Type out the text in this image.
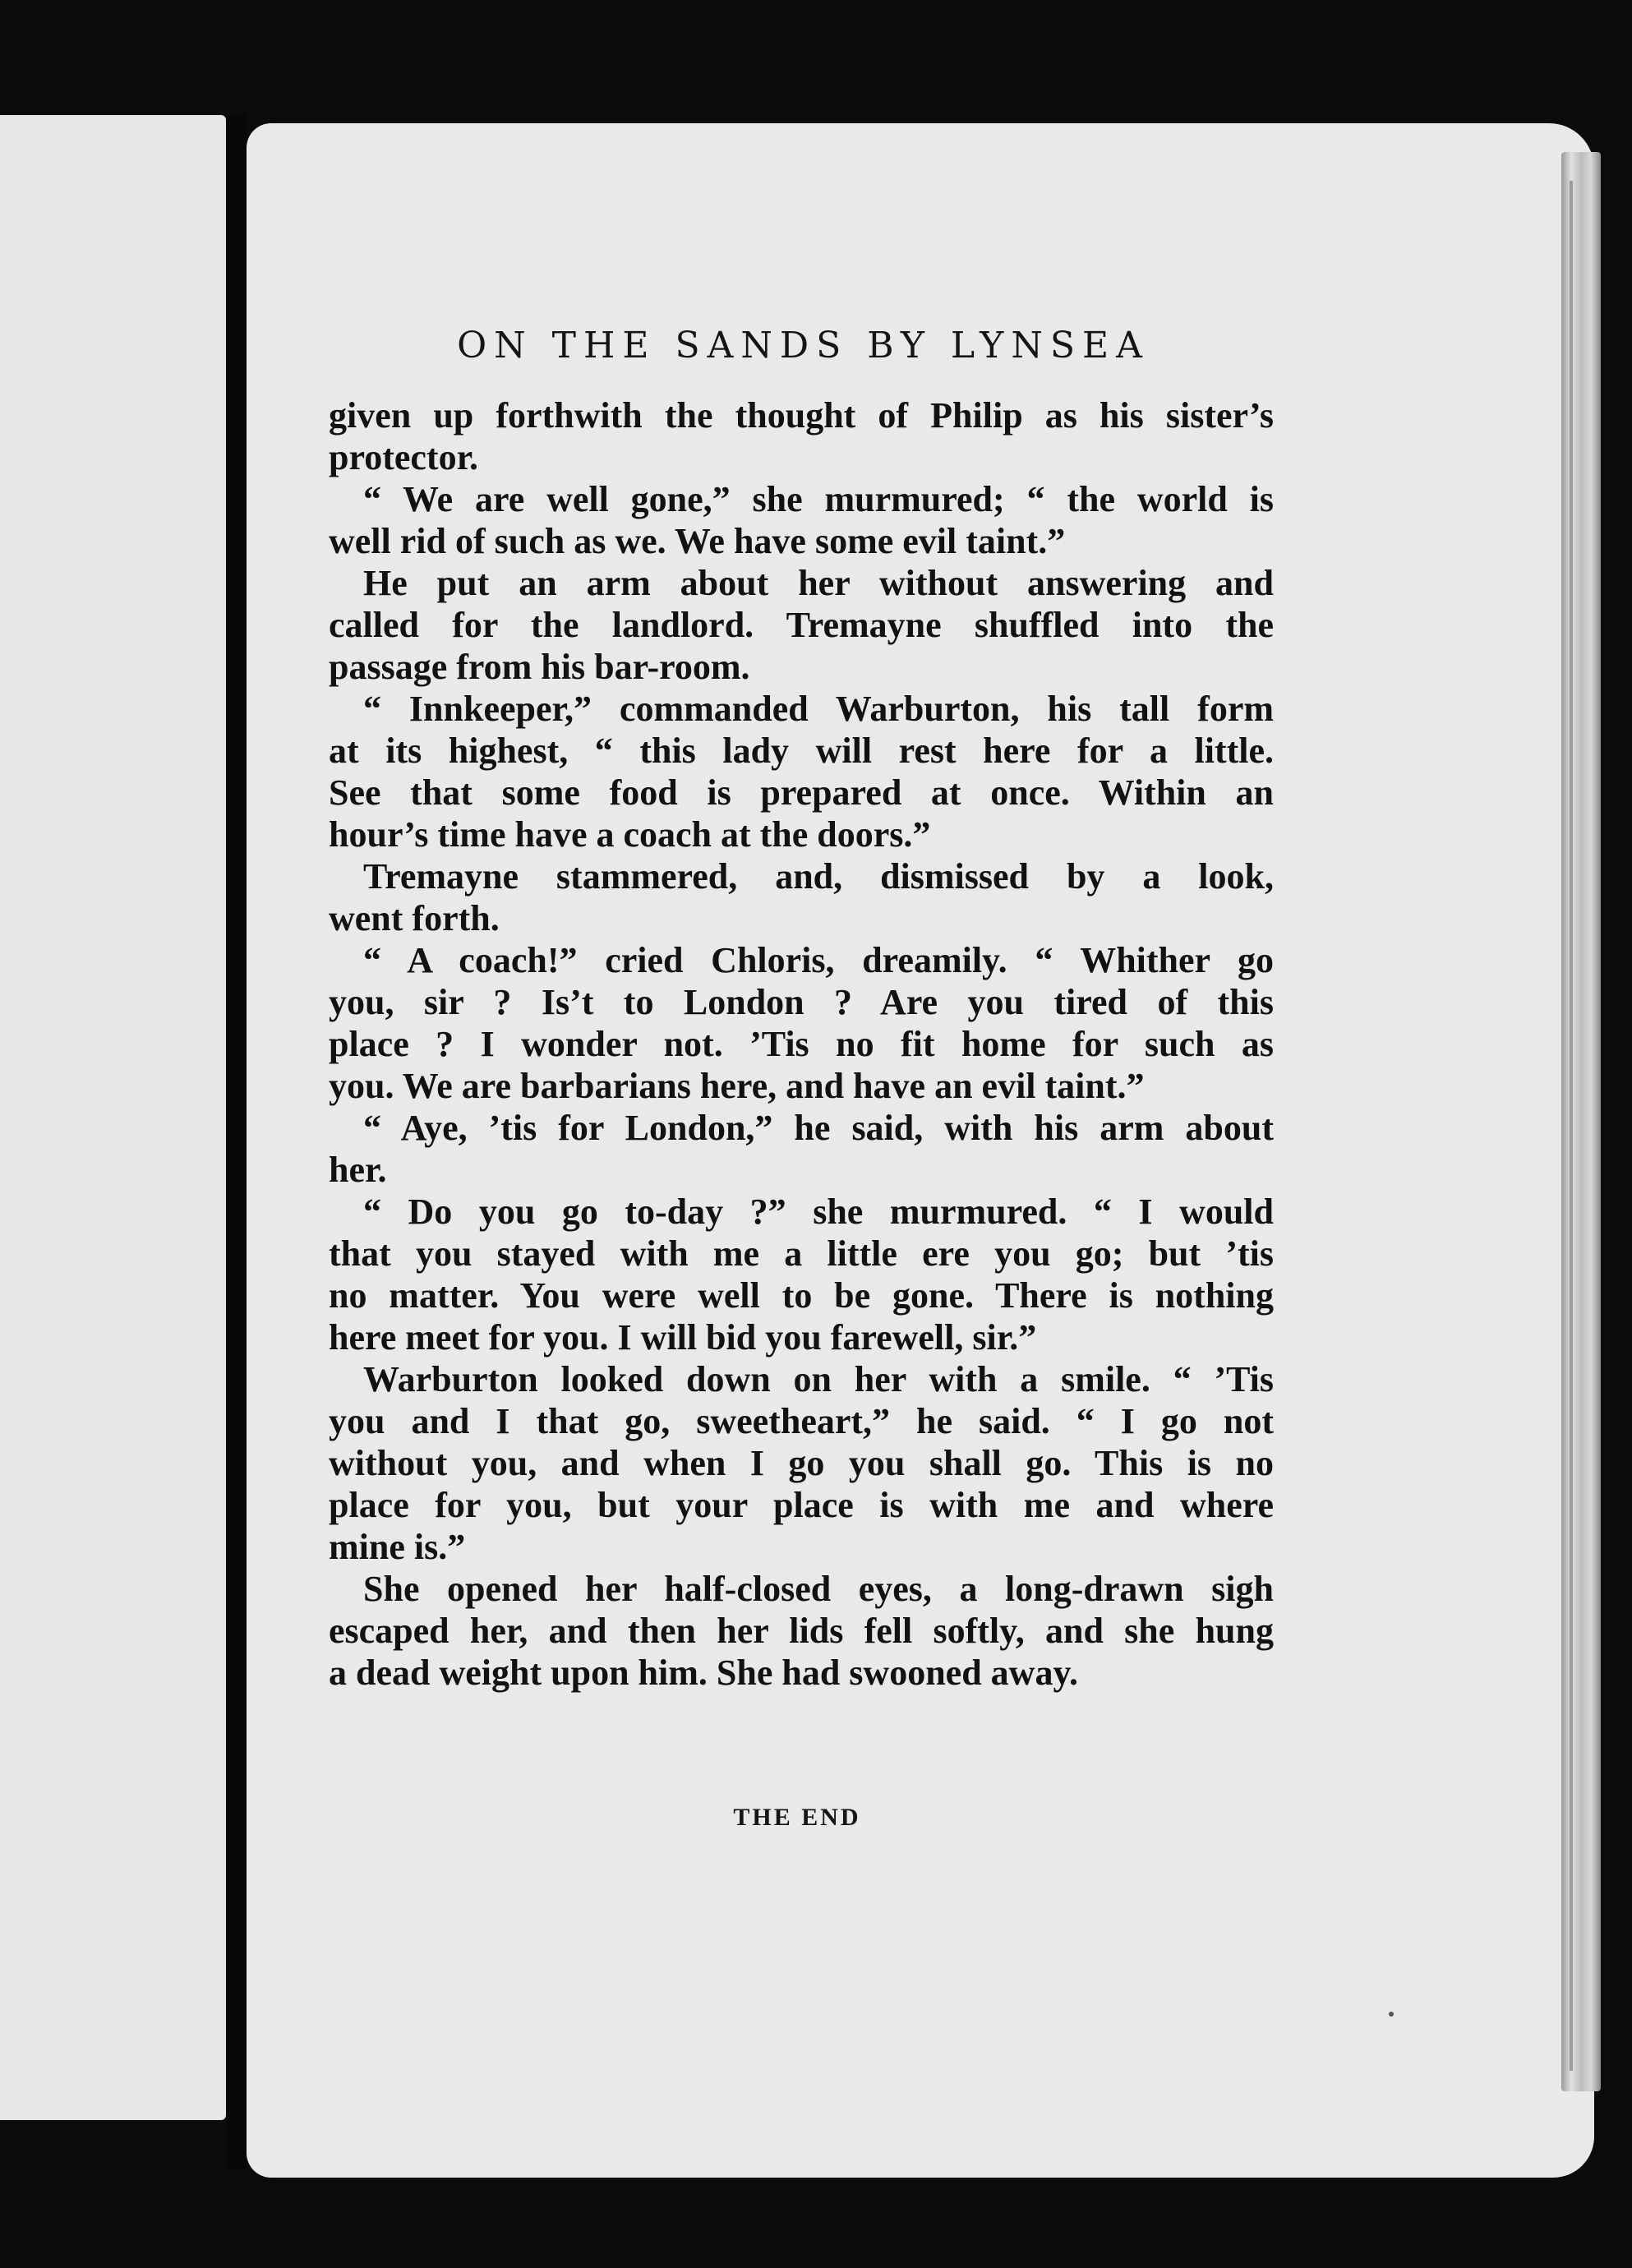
ON THE SANDS BY LYNSEA
given up forthwith the thought of Philip as his sister’s
protector.
“ We are well gone,” she murmured; “ the world is
well rid of such as we. We have some evil taint.”
He put an arm about her without answering and
called for the landlord. Tremayne shuffled into the
passage from his bar-room.
“ Innkeeper,” commanded Warburton, his tall form
at its highest, “ this lady will rest here for a little.
See that some food is prepared at once. Within an
hour’s time have a coach at the doors.”
Tremayne stammered, and, dismissed by a look,
went forth.
“ A coach!” cried Chloris, dreamily. “ Whither go
you, sir ? Is’t to London ? Are you tired of this
place ? I wonder not. ’Tis no fit home for such as
you. We are barbarians here, and have an evil taint.”
“ Aye, ’tis for London,” he said, with his arm about
her.
“ Do you go to-day ?” she murmured. “ I would
that you stayed with me a little ere you go; but ’tis
no matter. You were well to be gone. There is nothing
here meet for you. I will bid you farewell, sir.”
Warburton looked down on her with a smile. “ ’Tis
you and I that go, sweetheart,” he said. “ I go not
without you, and when I go you shall go. This is no
place for you, but your place is with me and where
mine is.”
She opened her half-closed eyes, a long-drawn sigh
escaped her, and then her lids fell softly, and she hung
a dead weight upon him. She had swooned away.
THE END
